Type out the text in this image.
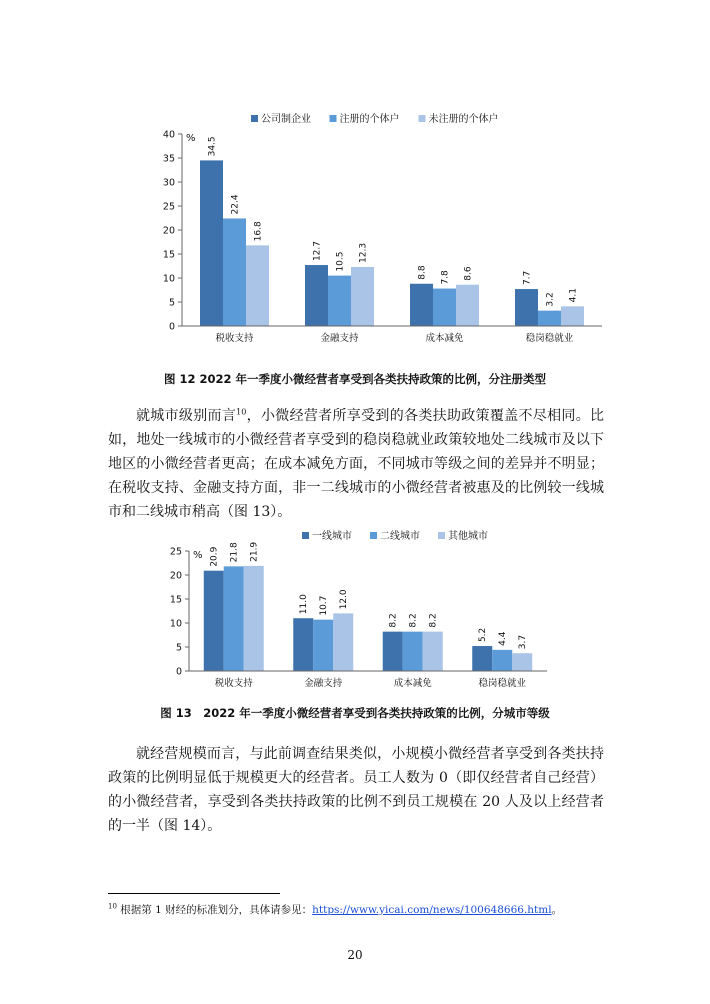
公司制企业	注册的个体户	未注册的个体户
0
5
10
15
20
25
30
35
40 % 34.5
22.4
16.8
税收支持
12.7
10.5 12.3
金融支持
8.8 7.8 8.6
成本减免
7.7
3.2 4.1
稳岗稳就业
图 12 2022 年一季度小微经营者享受到各类扶持政策的比例，分注册类型

就城市级别而言$^{10}$，小微经营者所享受到的各类扶助政策覆盖不尽相同。比如，地处一线城市的小微经营者享受到的稳岗稳就业政策较地处二线城市及以下地区的小微经营者更高；在成本减免方面，不同城市等级之间的差异并不明显；在税收支持、金融支持方面，非一二线城市的小微经营者被惠及的比例较一线城市和二线城市稍高（图 13）。

一线城市	二线城市	其他城市
0
5
10
15
20
25 % 20.9 21.8 21.9
税收支持
11.0 10.7 12.0
金融支持
8.2 8.2 8.2
成本减免
5.2 4.4 3.7
稳岗稳就业
图 13　2022 年一季度小微经营者享受到各类扶持政策的比例，分城市等级

就经营规模而言，与此前调查结果类似，小规模小微经营者享受到各类扶持政策的比例明显低于规模更大的经营者。员工人数为 0（即仅经营者自己经营）的小微经营者，享受到各类扶持政策的比例不到员工规模在 20 人及以上经营者的一半（图 14）。

$^{10}$ 根据第 1 财经的标准划分，具体请参见：https://www.yicai.com/news/100648666.html。
20
